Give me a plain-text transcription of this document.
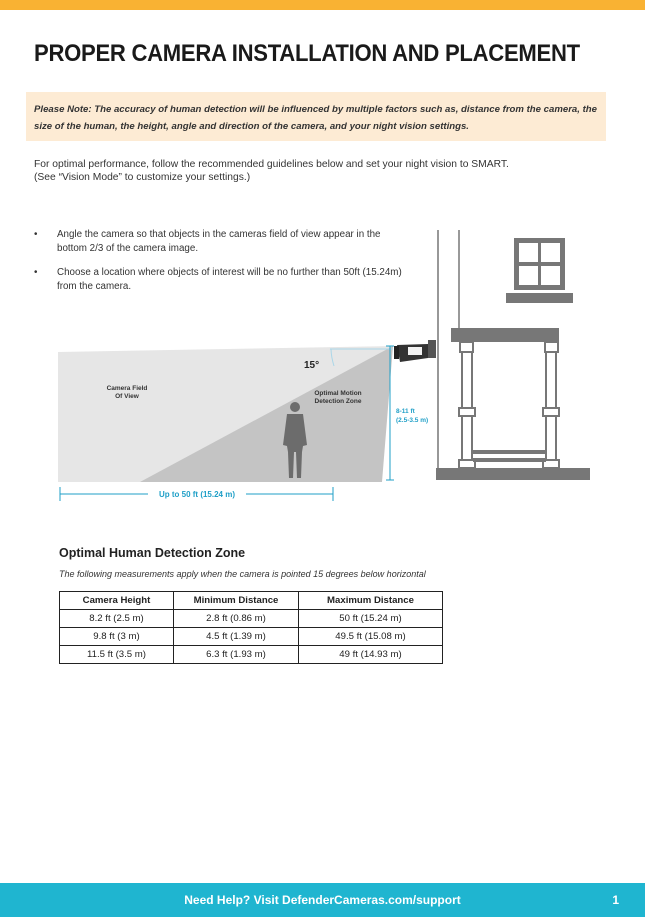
PROPER CAMERA INSTALLATION AND PLACEMENT
Please Note: The accuracy of human detection will be influenced by multiple factors such as, distance from the camera, the size of the human, the height, angle and direction of the camera, and your night vision settings.
For optimal performance, follow the recommended guidelines below and set your night vision to SMART.
(See “Vision Mode” to customize your settings.)
• Angle the camera so that objects in the cameras field of view appear in the bottom 2/3 of the camera image.
• Choose a location where objects of interest will be no further than 50ft (15.24m) from the camera.
15°
Camera Field
Of View	Optimal Motion
Detection Zone
8-11 ft
(2.5-3.5 m)
Up to 50 ft (15.24 m)
Optimal Human Detection Zone
The following measurements apply when the camera is pointed 15 degrees below horizontal
Camera Height	Minimum Distance	Maximum Distance
8.2 ft (2.5 m)	2.8 ft (0.86 m)	50 ft (15.24 m)
9.8 ft (3 m)	4.5 ft (1.39 m)	49.5 ft (15.08 m)
11.5 ft (3.5 m)	6.3 ft (1.93 m)	49 ft (14.93 m)
Need Help? Visit DefenderCameras.com/support	1
